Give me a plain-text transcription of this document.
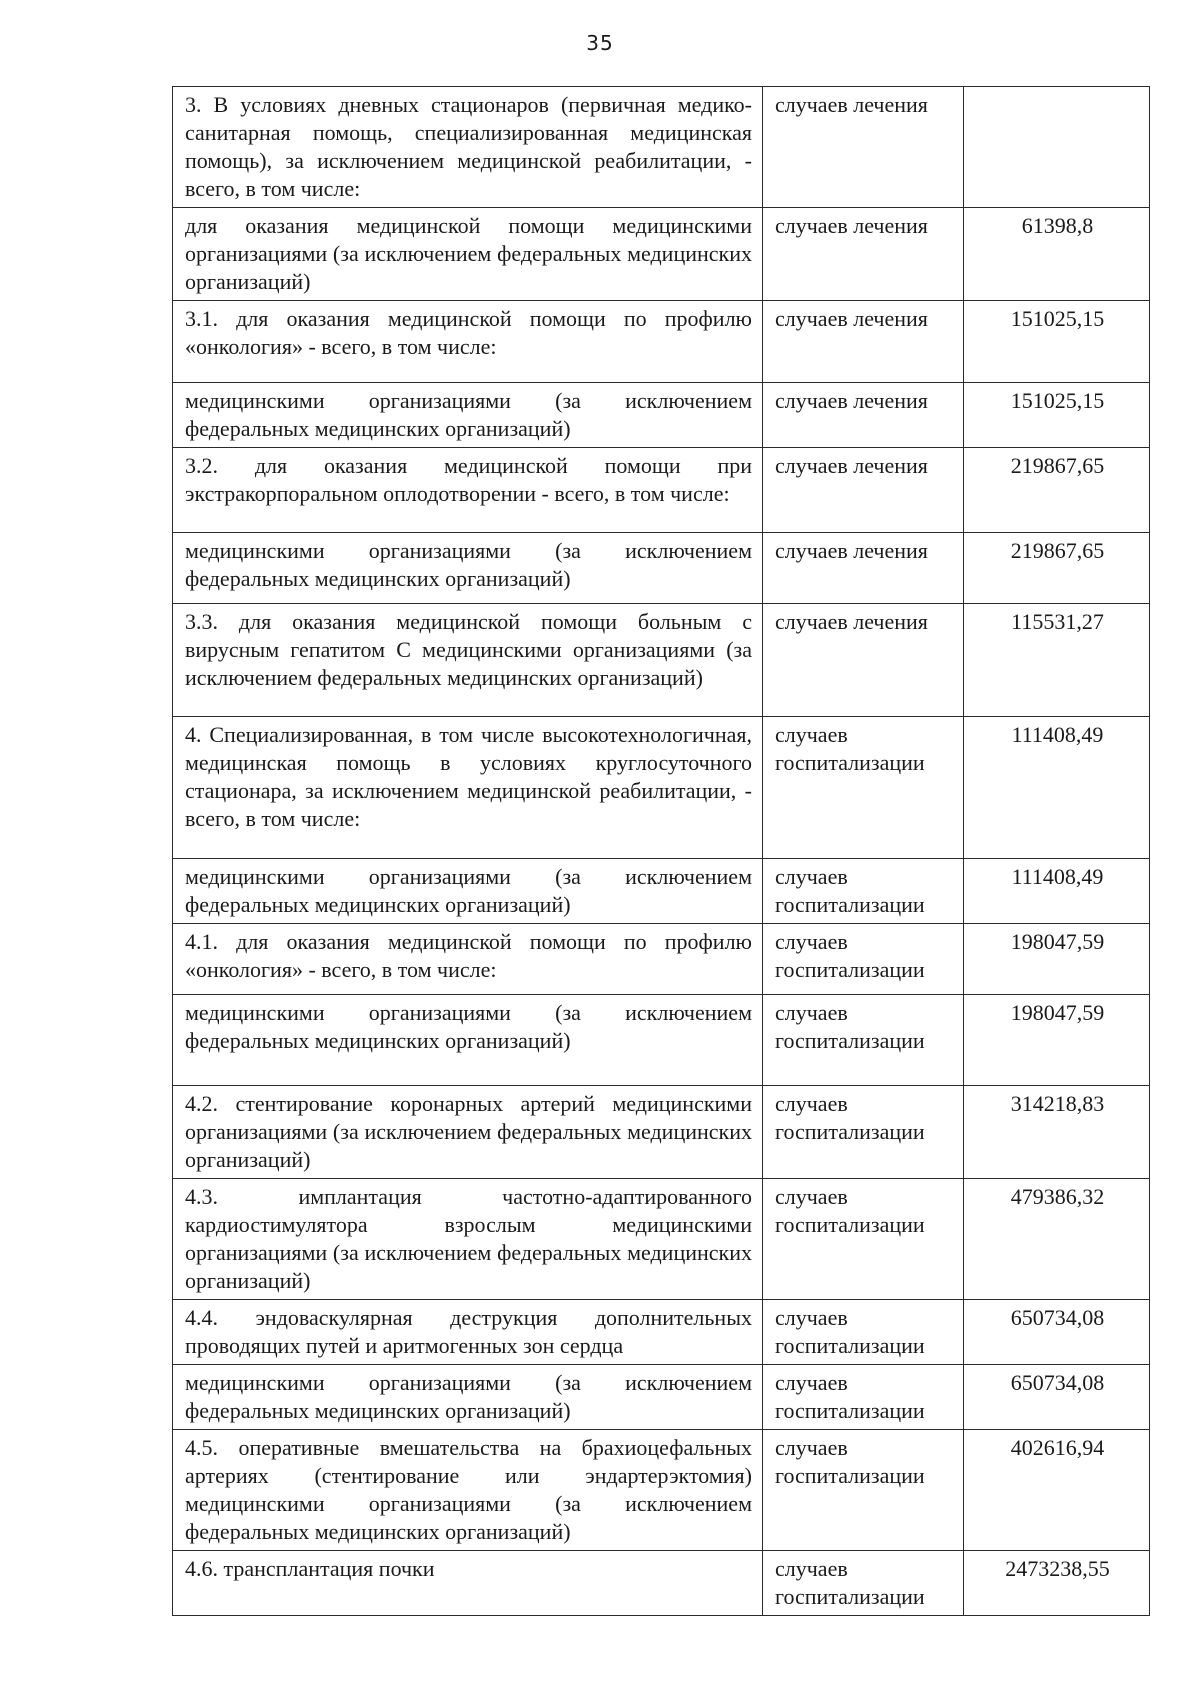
35
3. В условиях дневных стационаров (первичная медико-санитарная помощь, специализированная медицинская помощь), за исключением медицинской реабилитации, - всего, в том числе:	случаев лечения	
для оказания медицинской помощи медицинскими организациями (за исключением федеральных медицинских организаций)	случаев лечения	61398,8
3.1. для оказания медицинской помощи по профилю «онкология» - всего, в том числе:	случаев лечения	151025,15
медицинскими организациями (за исключением федеральных медицинских организаций)	случаев лечения	151025,15
3.2. для оказания медицинской помощи при экстракорпоральном оплодотворении - всего, в том числе:	случаев лечения	219867,65
медицинскими организациями (за исключением федеральных медицинских организаций)	случаев лечения	219867,65
3.3. для оказания медицинской помощи больным с вирусным гепатитом С медицинскими организациями (за исключением федеральных медицинских организаций)	случаев лечения	115531,27
4. Специализированная, в том числе высокотехнологичная, медицинская помощь в условиях круглосуточного стационара, за исключением медицинской реабилитации, - всего, в том числе:	случаев госпитализации	111408,49
медицинскими организациями (за исключением федеральных медицинских организаций)	случаев госпитализации	111408,49
4.1. для оказания медицинской помощи по профилю «онкология» - всего, в том числе:	случаев госпитализации	198047,59
медицинскими организациями (за исключением федеральных медицинских организаций)	случаев госпитализации	198047,59
4.2. стентирование коронарных артерий медицинскими организациями (за исключением федеральных медицинских организаций)	случаев госпитализации	314218,83
4.3. имплантация частотно-адаптированного кардиостимулятора взрослым медицинскими организациями (за исключением федеральных медицинских организаций)	случаев госпитализации	479386,32
4.4. эндоваскулярная деструкция дополнительных проводящих путей и аритмогенных зон сердца	случаев госпитализации	650734,08
медицинскими организациями (за исключением федеральных медицинских организаций)	случаев госпитализации	650734,08
4.5. оперативные вмешательства на брахиоцефальных артериях (стентирование или эндартерэктомия) медицинскими организациями (за исключением федеральных медицинских организаций)	случаев госпитализации	402616,94
4.6. трансплантация почки	случаев госпитализации	2473238,55
